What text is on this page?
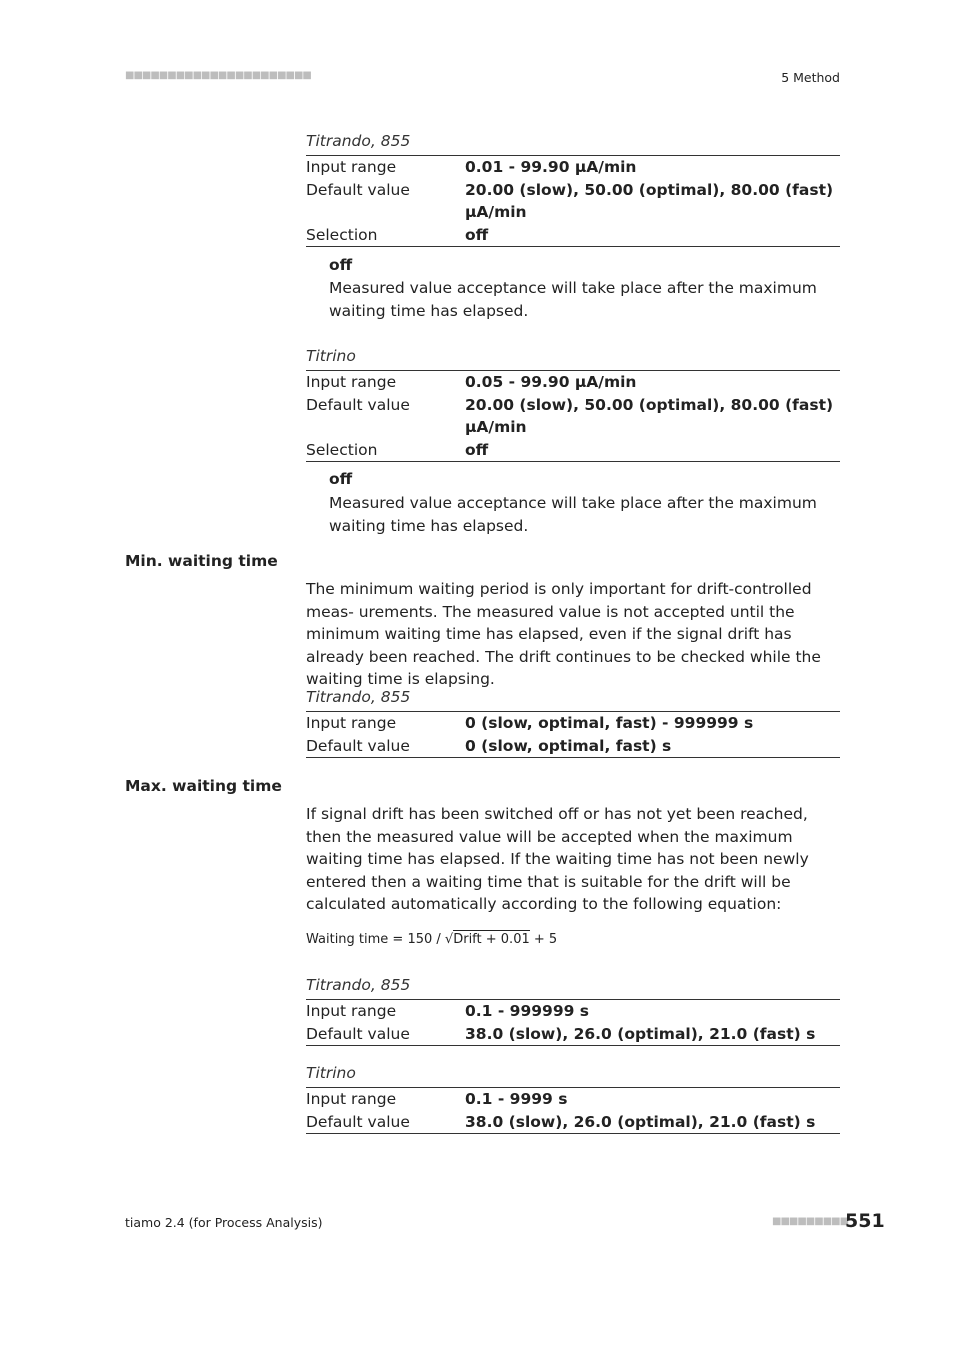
■■■■■■■■■■■■■■■■■■■■■■	5 Method
Titrando, 855
Input range	0.01 - 99.90 µA/min
Default value	20.00 (slow), 50.00 (optimal), 80.00 (fast) µA/min
Selection	off
off
Measured value acceptance will take place after the maximum waiting time has elapsed.
Titrino
Input range	0.05 - 99.90 µA/min
Default value	20.00 (slow), 50.00 (optimal), 80.00 (fast) µA/min
Selection	off
off
Measured value acceptance will take place after the maximum waiting time has elapsed.
Min. waiting time
The minimum waiting period is only important for drift-controlled meas- urements. The measured value is not accepted until the minimum waiting time has elapsed, even if the signal drift has already been reached. The drift continues to be checked while the waiting time is elapsing.
Titrando, 855
Input range	0 (slow, optimal, fast) - 999999 s
Default value	0 (slow, optimal, fast) s
Max. waiting time
If signal drift has been switched off or has not yet been reached, then the measured value will be accepted when the maximum waiting time has elapsed. If the waiting time has not been newly entered then a waiting time that is suitable for the drift will be calculated automatically according to the following equation:
Waiting time = 150 / √Drift + 0.01 + 5
Titrando, 855
Input range	0.1 - 999999 s
Default value	38.0 (slow), 26.0 (optimal), 21.0 (fast) s
Titrino
Input range	0.1 - 9999 s
Default value	38.0 (slow), 26.0 (optimal), 21.0 (fast) s
tiamo 2.4 (for Process Analysis)	■■■■■■■■■
551
